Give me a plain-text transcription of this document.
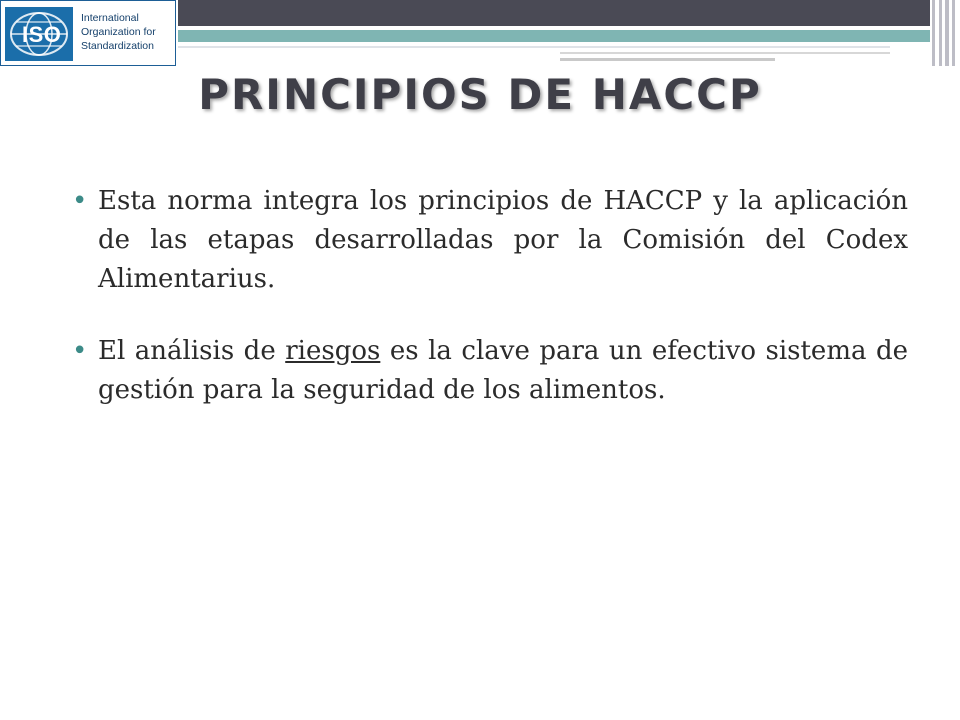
ISO
International
Organization for
Standardization
PRINCIPIOS DE HACCP
• Esta norma integra los principios de HACCP y la aplicación de las etapas desarrolladas por la Comisión del Codex Alimentarius.
• El análisis de riesgos es la clave para un efectivo sistema de gestión para la seguridad de los alimentos.
